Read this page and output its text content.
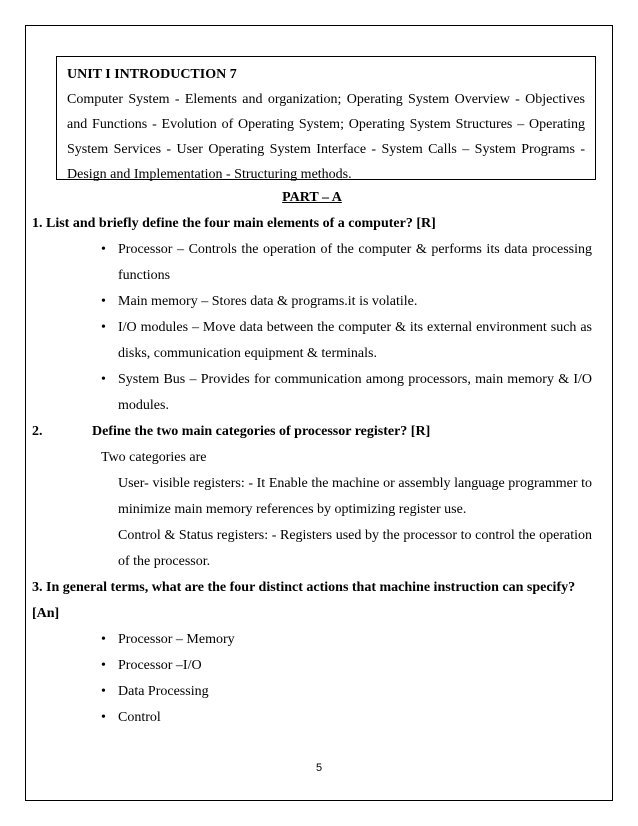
UNIT I INTRODUCTION 7

Computer System - Elements and organization; Operating System Overview - Objectives and Functions - Evolution of Operating System; Operating System Structures – Operating System Services - User Operating System Interface - System Calls – System Programs - Design and Implementation - Structuring methods.

PART – A

1. List and briefly define the four main elements of a computer? [R]

• Processor – Controls the operation of the computer & performs its data processing functions
• Main memory – Stores data & programs.it is volatile.
• I/O modules – Move data between the computer & its external environment such as disks, communication equipment & terminals.
• System Bus – Provides for communication among processors, main memory & I/O modules.

2.	Define the two main categories of processor register? [R]

Two categories are

User- visible registers: - It Enable the machine or assembly language programmer to minimize main memory references by optimizing register use.

Control & Status registers: - Registers used by the processor to control the operation of the processor.

3. In general terms, what are the four distinct actions that machine instruction can specify? [An]

• Processor – Memory
• Processor –I/O
• Data Processing
• Control
5
